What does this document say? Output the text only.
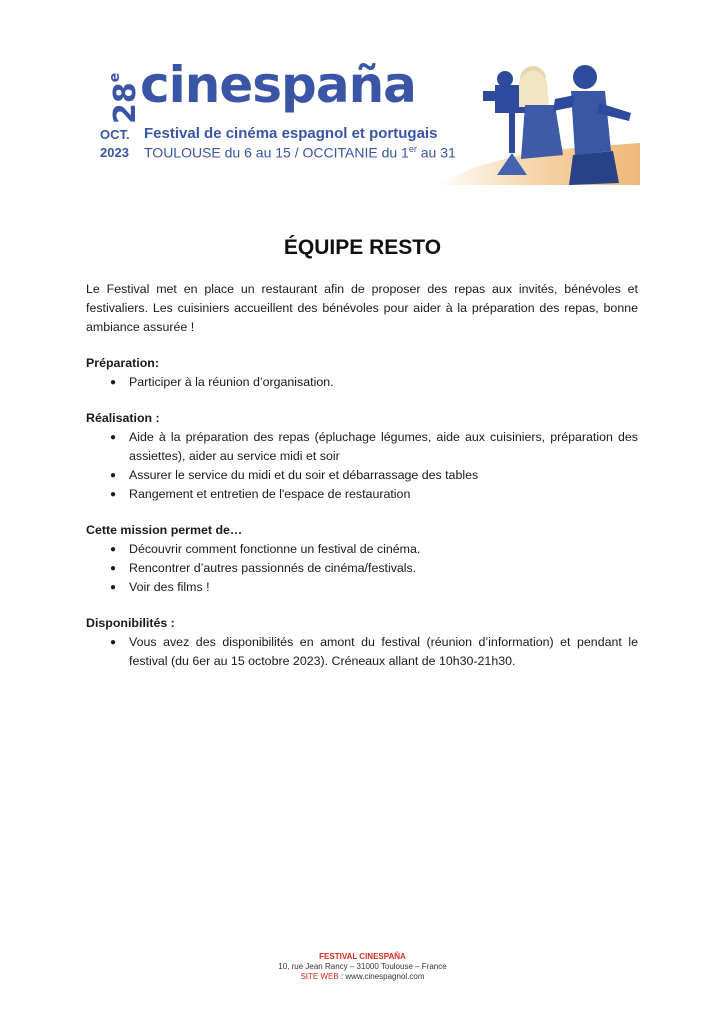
28e cinespaña
OCT.
2023
Festival de cinéma espagnol et portugais
TOULOUSE du 6 au 15 / OCCITANIE du 1er au 31
ÉQUIPE RESTO

Le Festival met en place un restaurant afin de proposer des repas aux invités, bénévoles et festivaliers. Les cuisiniers accueillent des bénévoles pour aider à la préparation des repas, bonne ambiance assurée !

Préparation:

● Participer à la réunion d’organisation.

Réalisation :

● Aide à la préparation des repas (épluchage légumes, aide aux cuisiniers, préparation des assiettes), aider au service midi et soir
● Assurer le service du midi et du soir et débarrassage des tables
● Rangement et entretien de l'espace de restauration

Cette mission permet de…

● Découvrir comment fonctionne un festival de cinéma.
● Rencontrer d’autres passionnés de cinéma/festivals.
● Voir des films !

Disponibilités :

● Vous avez des disponibilités en amont du festival (réunion d’information) et pendant le festival (du 6er au 15 octobre 2023). Créneaux allant de 10h30-21h30.
FESTIVAL CINESPAÑA
10, rue Jean Rancy – 31000 Toulouse – France
SITE WEB : www.cinespagnol.com
